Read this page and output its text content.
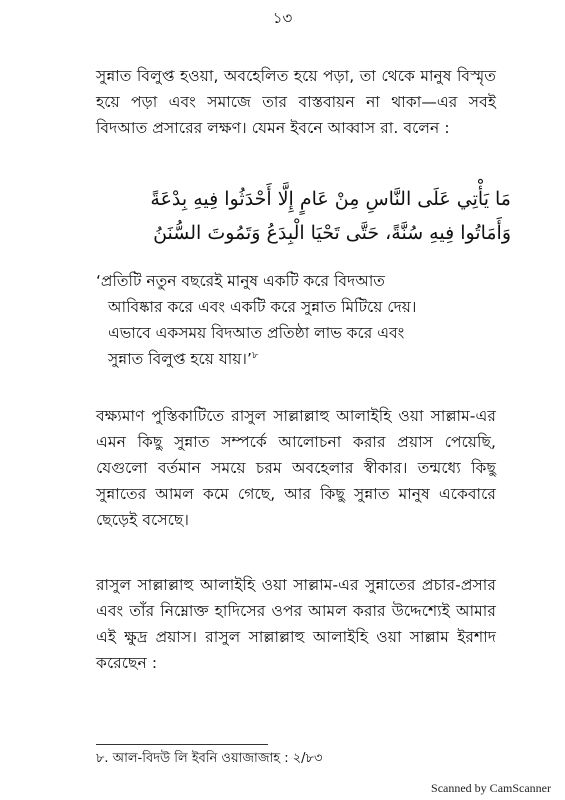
১৩

সুন্নাত বিলুপ্ত হওয়া, অবহেলিত হয়ে পড়া, তা থেকে মানুষ বিস্মৃত হয়ে পড়া এবং সমাজে তার বাস্তবায়ন না থাকা—এর সবই বিদআত প্রসারের লক্ষণ। যেমন ইবনে আব্বাস রা. বলেন :

مَا يَأْتِي عَلَى النَّاسِ مِنْ عَامٍ إِلَّا أَحْدَثُوا فِيهِ بِدْعَةً
وَأَمَاتُوا فِيهِ سُنَّةً، حَتَّى تَحْيَا الْبِدَعُ وَتَمُوتَ السُّنَنُ
‘প্রতিটি নতুন বছরেই মানুষ একটি করে বিদআত
আবিষ্কার করে এবং একটি করে সুন্নাত মিটিয়ে দেয়।
এভাবে একসময় বিদআত প্রতিষ্ঠা লাভ করে এবং
সুন্নাত বিলুপ্ত হয়ে যায়।’$^৮$

বক্ষ্যমাণ পুস্তিকাটিতে রাসুল সাল্লাল্লাহু আলাইহি ওয়া সাল্লাম-এর এমন কিছু সুন্নাত সম্পর্কে আলোচনা করার প্রয়াস পেয়েছি, যেগুলো বর্তমান সময়ে চরম অবহেলার স্বীকার। তন্মধ্যে কিছু সুন্নাতের আমল কমে গেছে, আর কিছু সুন্নাত মানুষ একেবারে ছেড়েই বসেছে।

রাসুল সাল্লাল্লাহু আলাইহি ওয়া সাল্লাম-এর সুন্নাতের প্রচার-প্রসার এবং তাঁর নিম্নোক্ত হাদিসের ওপর আমল করার উদ্দেশ্যেই আমার এই ক্ষুদ্র প্রয়াস। রাসুল সাল্লাল্লাহু আলাইহি ওয়া সাল্লাম ইরশাদ করেছেন :

৮. আল-বিদউ লি ইবনি ওয়াজাজাহ : ২/৮৩
Scanned by CamScanner
